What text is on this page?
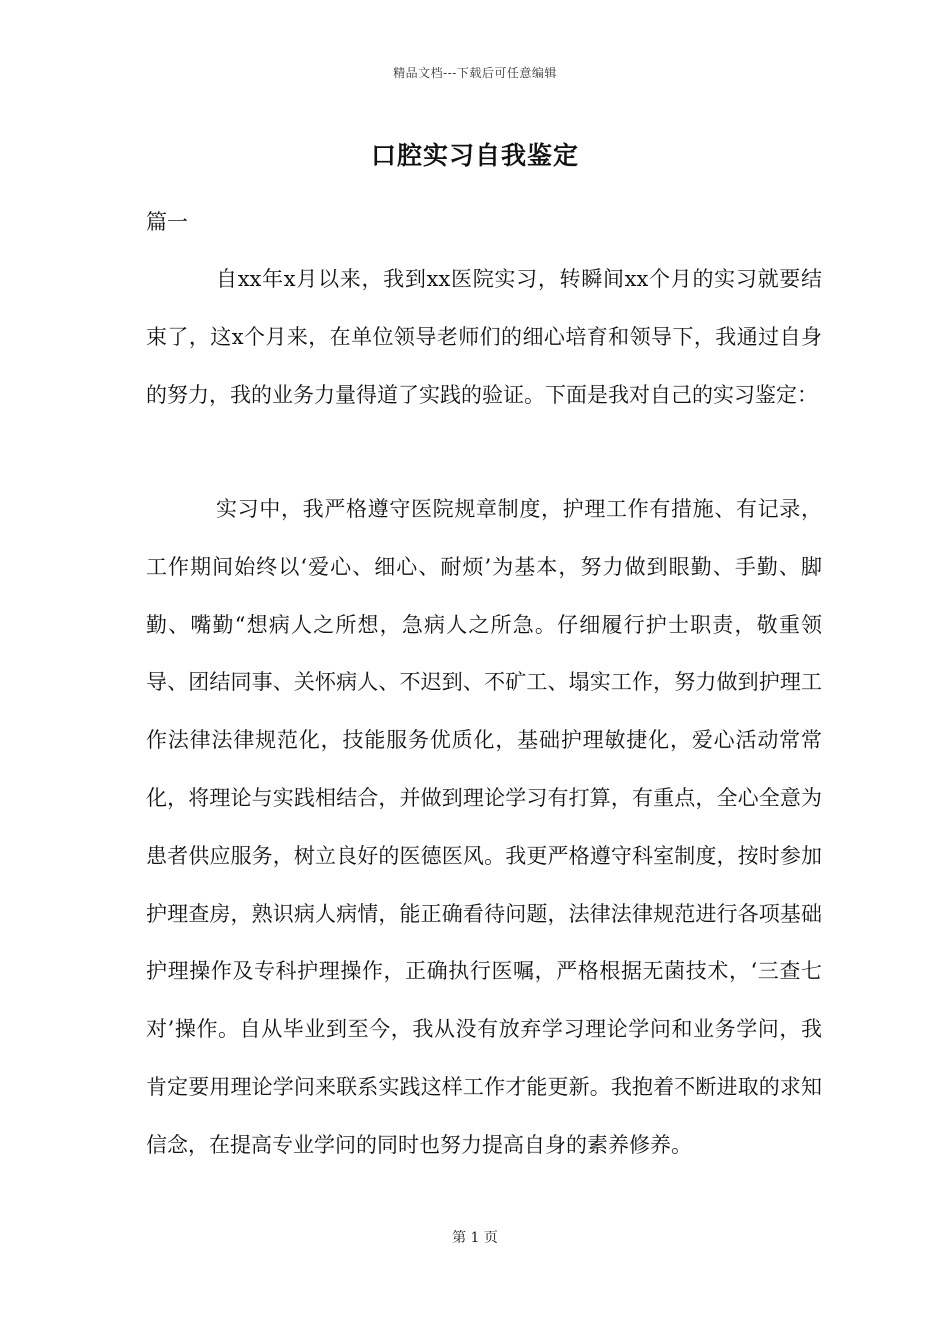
精品文档---下载后可任意编辑
口腔实习自我鉴定
篇一

自xx年x月以来，我到xx医院实习，转瞬间xx个月的实习就要结束了，这x个月来，在单位领导老师们的细心培育和领导下，我通过自身的努力，我的业务力量得道了实践的验证。下面是我对自己的实习鉴定：

实习中，我严格遵守医院规章制度，护理工作有措施、有记录，工作期间始终以‘爱心、细心、耐烦’为基本，努力做到眼勤、手勤、脚勤、嘴勤“想病人之所想，急病人之所急。仔细履行护士职责，敬重领导、团结同事、关怀病人、不迟到、不矿工、塌实工作，努力做到护理工作法律法律规范化，技能服务优质化，基础护理敏捷化，爱心活动常常化，将理论与实践相结合，并做到理论学习有打算，有重点，全心全意为患者供应服务，树立良好的医德医风。我更严格遵守科室制度，按时参加护理查房，熟识病人病情，能正确看待问题，法律法律规范进行各项基础护理操作及专科护理操作，正确执行医嘱，严格根据无菌技术，‘三查七对’操作。自从毕业到至今，我从没有放弃学习理论学问和业务学问，我肯定要用理论学问来联系实践这样工作才能更新。我抱着不断进取的求知信念，在提高专业学问的同时也努力提高自身的素养修养。

第 1 页
